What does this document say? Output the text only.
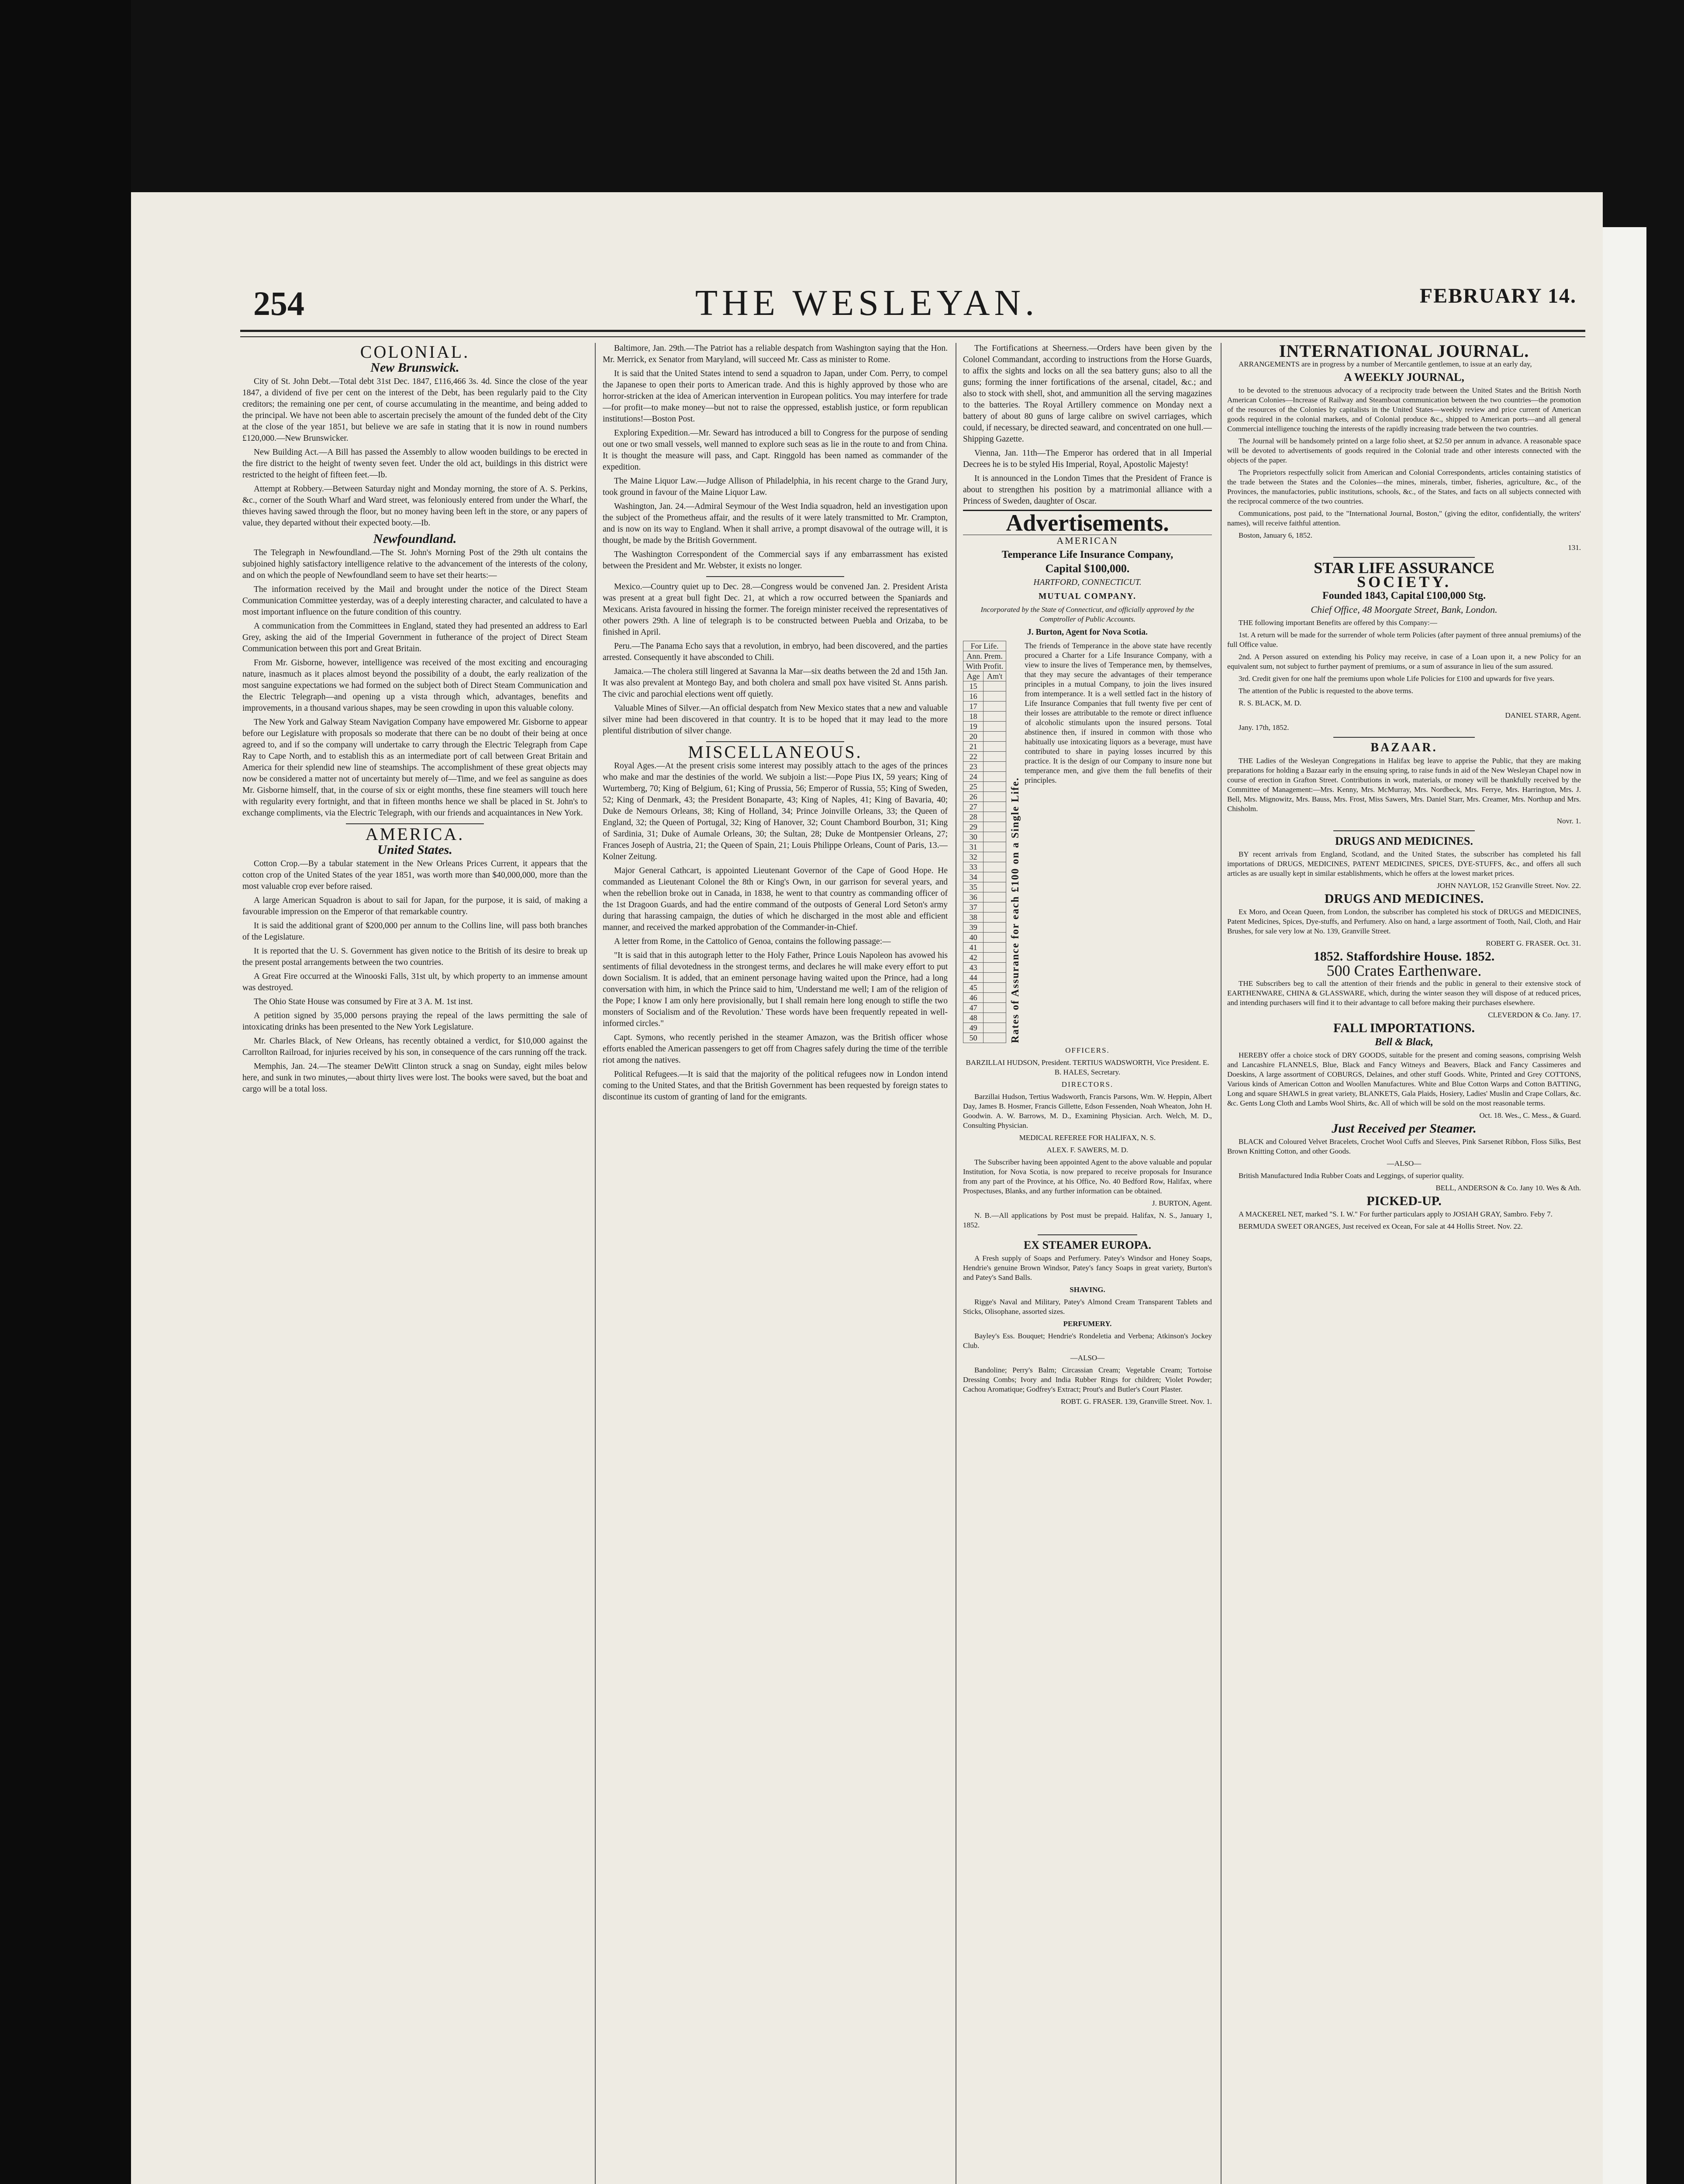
254	THE WESLEYAN.	FEBRUARY 14.
COLONIAL.
New Brunswick.

City of St. John Debt.—Total debt 31st Dec. 1847, £116,466 3s. 4d. Since the close of the year 1847, a dividend of five per cent on the interest of the Debt, has been regularly paid to the City creditors; the remaining one per cent, of course accumulating in the meantime, and being added to the principal. We have not been able to ascertain precisely the amount of the funded debt of the City at the close of the year 1851, but believe we are safe in stating that it is now in round numbers £120,000.—New Brunswicker.

New Building Act.—A Bill has passed the Assembly to allow wooden buildings to be erected in the fire district to the height of twenty seven feet. Under the old act, buildings in this district were restricted to the height of fifteen feet.—Ib.

Attempt at Robbery.—Between Saturday night and Monday morning, the store of A. S. Perkins, &c., corner of the South Wharf and Ward street, was feloniously entered from under the Wharf, the thieves having sawed through the floor, but no money having been left in the store, or any papers of value, they departed without their expected booty.—Ib.

Newfoundland.

The Telegraph in Newfoundland.—The St. John's Morning Post of the 29th ult contains the subjoined highly satisfactory intelligence relative to the advancement of the interests of the colony, and on which the people of Newfoundland seem to have set their hearts:—

The information received by the Mail and brought under the notice of the Direct Steam Communication Committee yesterday, was of a deeply interesting character, and calculated to have a most important influence on the future condition of this country.

A communication from the Committees in England, stated they had presented an address to Earl Grey, asking the aid of the Imperial Government in futherance of the project of Direct Steam Communication between this port and Great Britain.

From Mr. Gisborne, however, intelligence was received of the most exciting and encouraging nature, inasmuch as it places almost beyond the possibility of a doubt, the early realization of the most sanguine expectations we had formed on the subject both of Direct Steam Communication and the Electric Telegraph—and opening up a vista through which, advantages, benefits and improvements, in a thousand various shapes, may be seen crowding in upon this valuable colony.

The New York and Galway Steam Navigation Company have empowered Mr. Gisborne to appear before our Legislature with proposals so moderate that there can be no doubt of their being at once agreed to, and if so the company will undertake to carry through the Electric Telegraph from Cape Ray to Cape North, and to establish this as an intermediate port of call between Great Britain and America for their splendid new line of steamships. The accomplishment of these great objects may now be considered a matter not of uncertainty but merely of—Time, and we feel as sanguine as does Mr. Gisborne himself, that, in the course of six or eight months, these fine steamers will touch here with regularity every fortnight, and that in fifteen months hence we shall be placed in St. John's to exchange compliments, via the Electric Telegraph, with our friends and acquaintances in New York.

AMERICA.
United States.

Cotton Crop.—By a tabular statement in the New Orleans Prices Current, it appears that the cotton crop of the United States of the year 1851, was worth more than $40,000,000, more than the most valuable crop ever before raised.

A large American Squadron is about to sail for Japan, for the purpose, it is said, of making a favourable impression on the Emperor of that remarkable country.

It is said the additional grant of $200,000 per annum to the Collins line, will pass both branches of the Legislature.

It is reported that the U. S. Government has given notice to the British of its desire to break up the present postal arrangements between the two countries.

A Great Fire occurred at the Winooski Falls, 31st ult, by which property to an immense amount was destroyed.

The Ohio State House was consumed by Fire at 3 A. M. 1st inst.

A petition signed by 35,000 persons praying the repeal of the laws permitting the sale of intoxicating drinks has been presented to the New York Legislature.

Mr. Charles Black, of New Orleans, has recently obtained a verdict, for $10,000 against the Carrollton Railroad, for injuries received by his son, in consequence of the cars running off the track.

Memphis, Jan. 24.—The steamer DeWitt Clinton struck a snag on Sunday, eight miles below here, and sunk in two minutes,—about thirty lives were lost. The books were saved, but the boat and cargo will be a total loss.

Baltimore, Jan. 29th.—The Patriot has a reliable despatch from Washington saying that the Hon. Mr. Merrick, ex Senator from Maryland, will succeed Mr. Cass as minister to Rome.

It is said that the United States intend to send a squadron to Japan, under Com. Perry, to compel the Japanese to open their ports to American trade. And this is highly approved by those who are horror-stricken at the idea of American intervention in European politics. You may interfere for trade—for profit—to make money—but not to raise the oppressed, establish justice, or form republican institutions!—Boston Post.

Exploring Expedition.—Mr. Seward has introduced a bill to Congress for the purpose of sending out one or two small vessels, well manned to explore such seas as lie in the route to and from China. It is thought the measure will pass, and Capt. Ringgold has been named as commander of the expedition.

The Maine Liquor Law.—Judge Allison of Philadelphia, in his recent charge to the Grand Jury, took ground in favour of the Maine Liquor Law.

Washington, Jan. 24.—Admiral Seymour of the West India squadron, held an investigation upon the subject of the Prometheus affair, and the results of it were lately transmitted to Mr. Crampton, and is now on its way to England. When it shall arrive, a prompt disavowal of the outrage will, it is thought, be made by the British Government.

The Washington Correspondent of the Commercial says if any embarrassment has existed between the President and Mr. Webster, it exists no longer.

Mexico.—Country quiet up to Dec. 28.—Congress would be convened Jan. 2. President Arista was present at a great bull fight Dec. 21, at which a row occurred between the Spaniards and Mexicans. Arista favoured in hissing the former. The foreign minister received the representatives of other powers 29th. A line of telegraph is to be constructed between Puebla and Orizaba, to be finished in April.

Peru.—The Panama Echo says that a revolution, in embryo, had been discovered, and the parties arrested. Consequently it have absconded to Chili.

Jamaica.—The cholera still lingered at Savanna la Mar—six deaths between the 2d and 15th Jan. It was also prevalent at Montego Bay, and both cholera and small pox have visited St. Anns parish. The civic and parochial elections went off quietly.

Valuable Mines of Silver.—An official despatch from New Mexico states that a new and valuable silver mine had been discovered in that country. It is to be hoped that it may lead to the more plentiful distribution of silver change.

MISCELLANEOUS.

Royal Ages.—At the present crisis some interest may possibly attach to the ages of the princes who make and mar the destinies of the world. We subjoin a list:—Pope Pius IX, 59 years; King of Wurtemberg, 70; King of Belgium, 61; King of Prussia, 56; Emperor of Russia, 55; King of Sweden, 52; King of Denmark, 43; the President Bonaparte, 43; King of Naples, 41; King of Bavaria, 40; Duke de Nemours Orleans, 38; King of Holland, 34; Prince Joinville Orleans, 33; the Queen of England, 32; the Queen of Portugal, 32; King of Hanover, 32; Count Chambord Bourbon, 31; King of Sardinia, 31; Duke of Aumale Orleans, 30; the Sultan, 28; Duke de Montpensier Orleans, 27; Frances Joseph of Austria, 21; the Queen of Spain, 21; Louis Philippe Orleans, Count of Paris, 13.—Kolner Zeitung.

Major General Cathcart, is appointed Lieutenant Governor of the Cape of Good Hope. He commanded as Lieutenant Colonel the 8th or King's Own, in our garrison for several years, and when the rebellion broke out in Canada, in 1838, he went to that country as commanding officer of the 1st Dragoon Guards, and had the entire command of the outposts of General Lord Seton's army during that harassing campaign, the duties of which he discharged in the most able and efficient manner, and received the marked approbation of the Commander-in-Chief.

A letter from Rome, in the Cattolico of Genoa, contains the following passage:—

"It is said that in this autograph letter to the Holy Father, Prince Louis Napoleon has avowed his sentiments of filial devotedness in the strongest terms, and declares he will make every effort to put down Socialism. It is added, that an eminent personage having waited upon the Prince, had a long conversation with him, in which the Prince said to him, 'Understand me well; I am of the religion of the Pope; I know I am only here provisionally, but I shall remain here long enough to stifle the two monsters of Socialism and of the Revolution.' These words have been frequently repeated in well-informed circles."

Capt. Symons, who recently perished in the steamer Amazon, was the British officer whose efforts enabled the American passengers to get off from Chagres safely during the time of the terrible riot among the natives.

Political Refugees.—It is said that the majority of the political refugees now in London intend coming to the United States, and that the British Government has been requested by foreign states to discontinue its custom of granting of land for the emigrants.

The Fortifications at Sheerness.—Orders have been given by the Colonel Commandant, according to instructions from the Horse Guards, to affix the sights and locks on all the sea battery guns; also to all the guns; forming the inner fortifications of the arsenal, citadel, &c.; and also to stock with shell, shot, and ammunition all the serving magazines to the batteries. The Royal Artillery commence on Monday next a battery of about 80 guns of large calibre on swivel carriages, which could, if necessary, be directed seaward, and concentrated on one hull.—Shipping Gazette.

Vienna, Jan. 11th—The Emperor has ordered that in all Imperial Decrees he is to be styled His Imperial, Royal, Apostolic Majesty!

It is announced in the London Times that the President of France is about to strengthen his position by a matrimonial alliance with a Princess of Sweden, daughter of Oscar.

Advertisements.

AMERICAN

Temperance Life Insurance Company,

Capital $100,000.

HARTFORD, CONNECTICUT.

MUTUAL COMPANY.

Incorporated by the State of Connecticut, and officially approved by the Comptroller of Public Accounts.

J. Burton, Agent for Nova Scotia.

For Life.	
Ann. Prem.	
With Profit.	
Age	Am't
15	
16	
17	
18	
19	
20	
21	
22	
23	
24	
25	
26	
27	
28	
29	
30	
31	
32	
33	
34	
35	
36	
37	
38	
39	
40	
41	
42	
43	
44	
45	
46	
47	
48	
49	
50		Rates of Assurance for each £100 on a Single Life.
The friends of Temperance in the above state have recently procured a Charter for a Life Insurance Company, with a view to insure the lives of Temperance men, by themselves, that they may secure the advantages of their temperance principles in a mutual Company, to join the lives insured from intemperance. It is a well settled fact in the history of Life Insurance Companies that full twenty five per cent of their losses are attributable to the remote or direct influence of alcoholic stimulants upon the insured persons. Total abstinence then, if insured in common with those who habitually use intoxicating liquors as a beverage, must have contributed to share in paying losses incurred by this practice. It is the design of our Company to insure none but temperance men, and give them the full benefits of their principles.

OFFICERS.

BARZILLAI HUDSON, President. TERTIUS WADSWORTH, Vice President. E. B. HALES, Secretary.

DIRECTORS.

Barzillai Hudson, Tertius Wadsworth, Francis Parsons, Wm. W. Heppin, Albert Day, James B. Hosmer, Francis Gillette, Edson Fessenden, Noah Wheaton, John H. Goodwin. A. W. Barrows, M. D., Examining Physician. Arch. Welch, M. D., Consulting Physician.

MEDICAL REFEREE FOR HALIFAX, N. S.

ALEX. F. SAWERS, M. D.

The Subscriber having been appointed Agent to the above valuable and popular Institution, for Nova Scotia, is now prepared to receive proposals for Insurance from any part of the Province, at his Office, No. 40 Bedford Row, Halifax, where Prospectuses, Blanks, and any further information can be obtained.

J. BURTON, Agent.

N. B.—All applications by Post must be prepaid. Halifax, N. S., January 1, 1852.

EX STEAMER EUROPA.

A Fresh supply of Soaps and Perfumery. Patey's Windsor and Honey Soaps, Hendrie's genuine Brown Windsor, Patey's fancy Soaps in great variety, Burton's and Patey's Sand Balls.

SHAVING.

Rigge's Naval and Military, Patey's Almond Cream Transparent Tablets and Sticks, Olisophane, assorted sizes.

PERFUMERY.

Bayley's Ess. Bouquet; Hendrie's Rondeletia and Verbena; Atkinson's Jockey Club.

—ALSO—

Bandoline; Perry's Balm; Circassian Cream; Vegetable Cream; Tortoise Dressing Combs; Ivory and India Rubber Rings for children; Violet Powder; Cachou Aromatique; Godfrey's Extract; Prout's and Butler's Court Plaster.

ROBT. G. FRASER. 139, Granville Street. Nov. 1.

INTERNATIONAL JOURNAL.

ARRANGEMENTS are in progress by a number of Mercantile gentlemen, to issue at an early day,

A WEEKLY JOURNAL,

to be devoted to the strenuous advocacy of a reciprocity trade between the United States and the British North American Colonies—Increase of Railway and Steamboat communication between the two countries—the promotion of the resources of the Colonies by capitalists in the United States—weekly review and price current of American goods required in the colonial markets, and of Colonial produce &c., shipped to American ports—and all general Commercial intelligence touching the interests of the rapidly increasing trade between the two countries.

The Journal will be handsomely printed on a large folio sheet, at $2.50 per annum in advance. A reasonable space will be devoted to advertisements of goods required in the Colonial trade and other interests connected with the objects of the paper.

The Proprietors respectfully solicit from American and Colonial Correspondents, articles containing statistics of the trade between the States and the Colonies—the mines, minerals, timber, fisheries, agriculture, &c., of the Provinces, the manufactories, public institutions, schools, &c., of the States, and facts on all subjects connected with the reciprocal commerce of the two countries.

Communications, post paid, to the "International Journal, Boston," (giving the editor, confidentially, the writers' names), will receive faithful attention.

Boston, January 6, 1852.

131.

STAR LIFE ASSURANCE
SOCIETY.

Founded 1843, Capital £100,000 Stg.

Chief Office, 48 Moorgate Street, Bank, London.

THE following important Benefits are offered by this Company:—

1st. A return will be made for the surrender of whole term Policies (after payment of three annual premiums) of the full Office value.

2nd. A Person assured on extending his Policy may receive, in case of a Loan upon it, a new Policy for an equivalent sum, not subject to further payment of premiums, or a sum of assurance in lieu of the sum assured.

3rd. Credit given for one half the premiums upon whole Life Policies for £100 and upwards for five years.

The attention of the Public is requested to the above terms.

R. S. BLACK, M. D.

DANIEL STARR, Agent.

Jany. 17th, 1852.

BAZAAR.

THE Ladies of the Wesleyan Congregations in Halifax beg leave to apprise the Public, that they are making preparations for holding a Bazaar early in the ensuing spring, to raise funds in aid of the New Wesleyan Chapel now in course of erection in Grafton Street. Contributions in work, materials, or money will be thankfully received by the Committee of Management:—Mrs. Kenny, Mrs. McMurray, Mrs. Nordbeck, Mrs. Ferrye, Mrs. Harrington, Mrs. J. Bell, Mrs. Mignowitz, Mrs. Bauss, Mrs. Frost, Miss Sawers, Mrs. Daniel Starr, Mrs. Creamer, Mrs. Northup and Mrs. Chisholm.

Novr. 1.

DRUGS AND MEDICINES.

BY recent arrivals from England, Scotland, and the United States, the subscriber has completed his fall importations of DRUGS, MEDICINES, PATENT MEDICINES, SPICES, DYE-STUFFS, &c., and offers all such articles as are usually kept in similar establishments, which he offers at the lowest market prices.

JOHN NAYLOR, 152 Granville Street. Nov. 22.

DRUGS AND MEDICINES.

Ex Moro, and Ocean Queen, from London, the subscriber has completed his stock of DRUGS and MEDICINES, Patent Medicines, Spices, Dye-stuffs, and Perfumery. Also on hand, a large assortment of Tooth, Nail, Cloth, and Hair Brushes, for sale very low at No. 139, Granville Street.

ROBERT G. FRASER. Oct. 31.

1852. Staffordshire House. 1852.
500 Crates Earthenware.

THE Subscribers beg to call the attention of their friends and the public in general to their extensive stock of EARTHENWARE, CHINA & GLASSWARE, which, during the winter season they will dispose of at reduced prices, and intending purchasers will find it to their advantage to call before making their purchases elsewhere.

CLEVERDON & Co. Jany. 17.

FALL IMPORTATIONS.

Bell & Black,

HEREBY offer a choice stock of DRY GOODS, suitable for the present and coming seasons, comprising Welsh and Lancashire FLANNELS, Blue, Black and Fancy Witneys and Beavers, Black and Fancy Cassimeres and Doeskins, A large assortment of COBURGS, Delaines, and other stuff Goods. White, Printed and Grey COTTONS, Various kinds of American Cotton and Woollen Manufactures. White and Blue Cotton Warps and Cotton BATTING, Long and square SHAWLS in great variety, BLANKETS, Gala Plaids, Hosiery, Ladies' Muslin and Crape Collars, &c. &c. Gents Long Cloth and Lambs Wool Shirts, &c. All of which will be sold on the most reasonable terms.

Oct. 18. Wes., C. Mess., & Guard.

Just Received per Steamer.

BLACK and Coloured Velvet Bracelets, Crochet Wool Cuffs and Sleeves, Pink Sarsenet Ribbon, Floss Silks, Best Brown Knitting Cotton, and other Goods.

—ALSO—

British Manufactured India Rubber Coats and Leggings, of superior quality.

BELL, ANDERSON & Co. Jany 10. Wes & Ath.

PICKED-UP.

A MACKEREL NET, marked "S. I. W." For further particulars apply to JOSIAH GRAY, Sambro. Feby 7.

BERMUDA SWEET ORANGES, Just received ex Ocean, For sale at 44 Hollis Street. Nov. 22.
